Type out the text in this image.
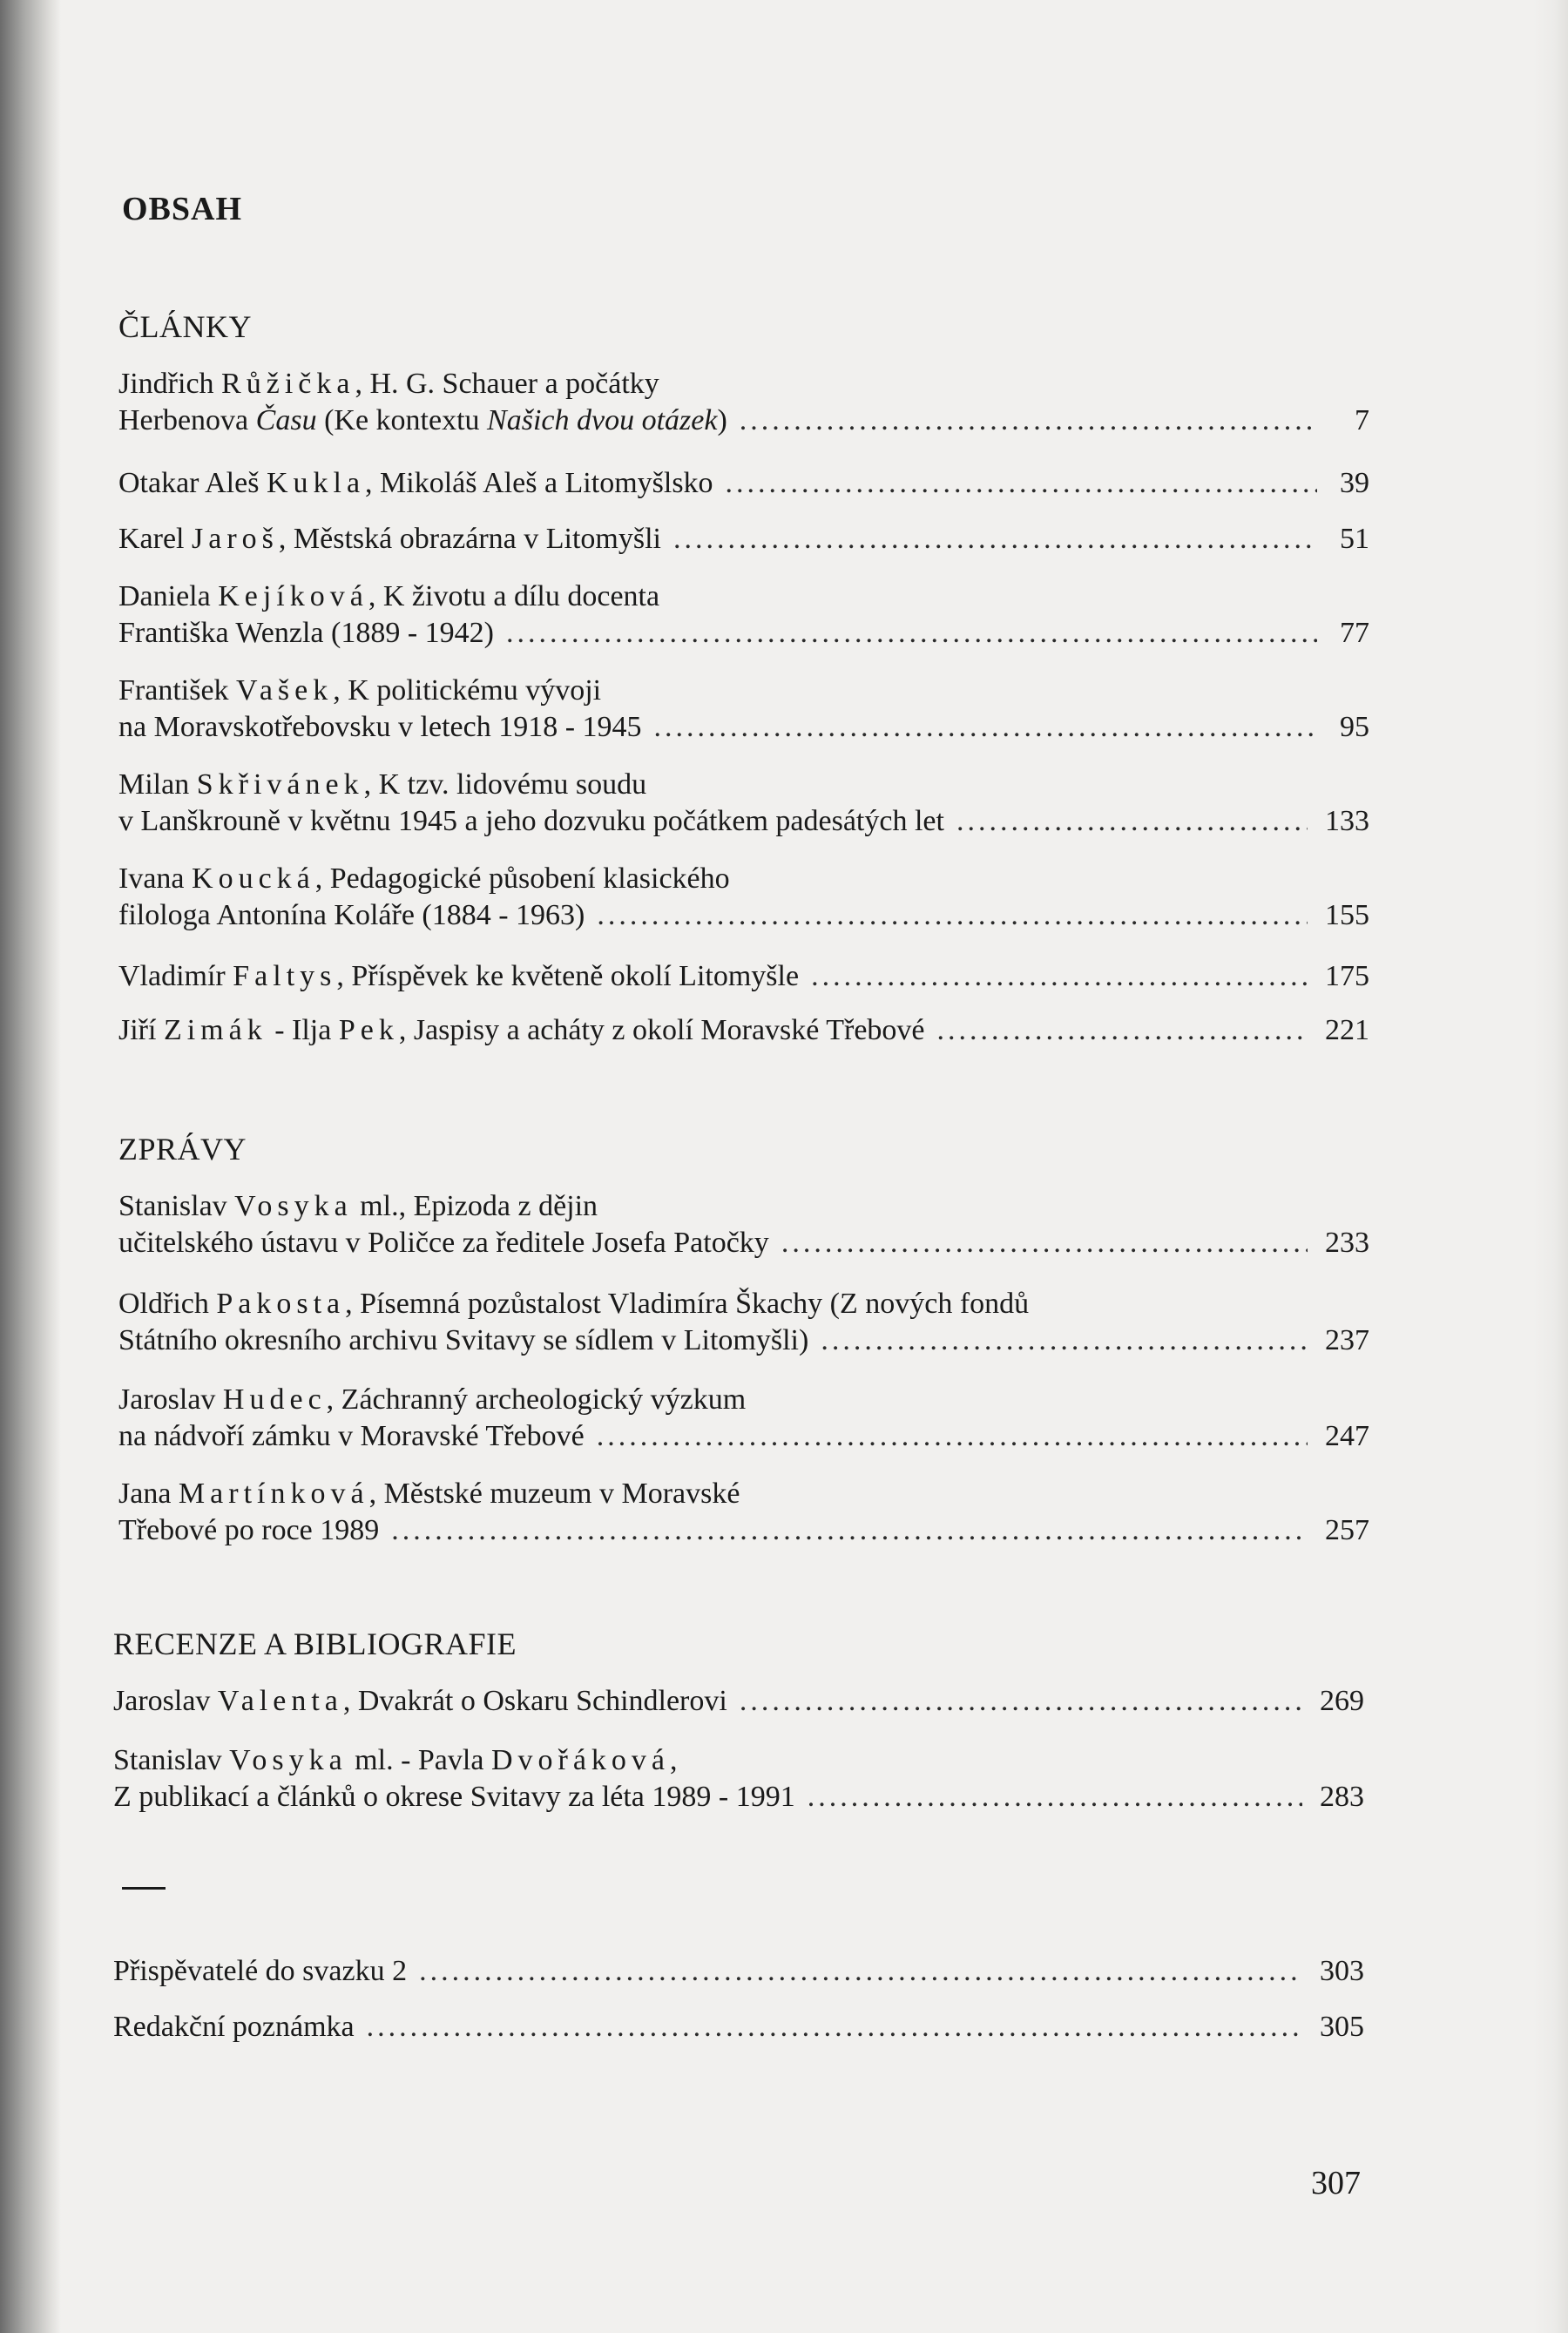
OBSAH
ČLÁNKY
Jindřich Růžička, H. G. Schauer a počátky
Herbenova Času (Ke kontextu Našich dvou otázek) .....	7
Otakar Aleš Kukla, Mikoláš Aleš a Litomyšlsko .....	39
Karel Jaroš, Městská obrazárna v Litomyšli .....	51
Daniela Kejíková, K životu a dílu docenta
Františka Wenzla (1889 - 1942) .....	77
František Vašek, K politickému vývoji
na Moravskotřebovsku v letech 1918 - 1945 .....	95
Milan Skřivánek, K tzv. lidovému soudu
v Lanškrouně v květnu 1945 a jeho dozvuku počátkem padesátých let .....	133
Ivana Koucká, Pedagogické působení klasického
filologa Antonína Koláře (1884 - 1963) .....	155
Vladimír Faltys, Příspěvek ke květeně okolí Litomyšle .....	175
Jiří Zimák - Ilja Pek, Jaspisy a acháty z okolí Moravské Třebové .....	221
ZPRÁVY
Stanislav Vosyka ml., Epizoda z dějin
učitelského ústavu v Poličce za ředitele Josefa Patočky .....	233
Oldřich Pakosta, Písemná pozůstalost Vladimíra Škachy (Z nových fondů
Státního okresního archivu Svitavy se sídlem v Litomyšli) .....	237
Jaroslav Hudec, Záchranný archeologický výzkum
na nádvoří zámku v Moravské Třebové .....	247
Jana Martínková, Městské muzeum v Moravské
Třebové po roce 1989 .....	257
RECENZE A BIBLIOGRAFIE
Jaroslav Valenta, Dvakrát o Oskaru Schindlerovi .....	269
Stanislav Vosyka ml. - Pavla Dvořáková,
Z publikací a článků o okrese Svitavy za léta 1989 - 1991 .....	283
Přispěvatelé do svazku 2 .....	303
Redakční poznámka .....	305
307
